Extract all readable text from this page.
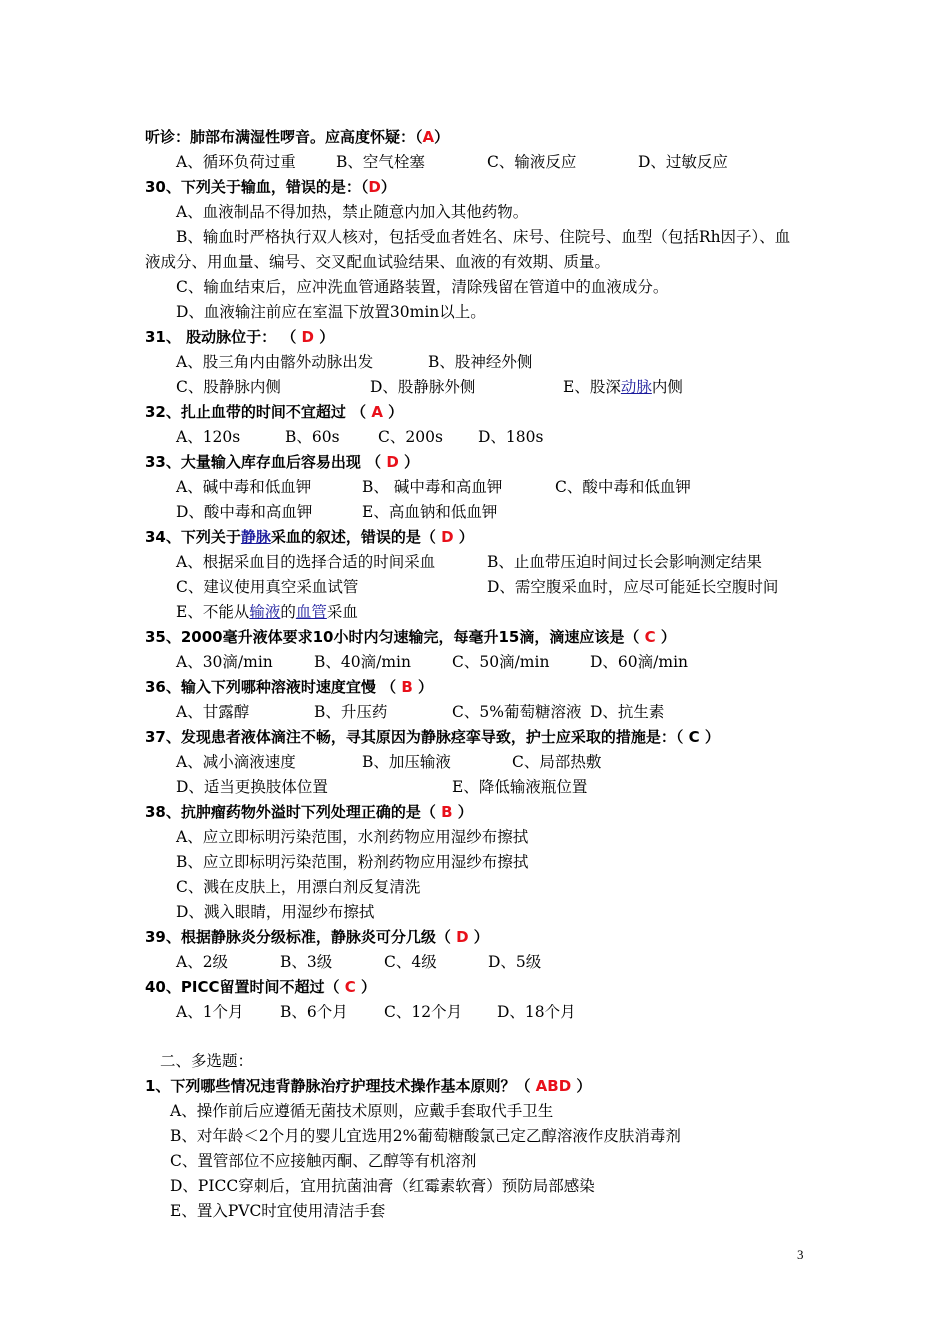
听诊：肺部布满湿性啰音。应高度怀疑：（A）
A、循环负荷过重	B、空气栓塞	C、输液反应	D、过敏反应
30、下列关于输血，错误的是：（D）
A、血液制品不得加热，禁止随意内加入其他药物。
B、输血时严格执行双人核对，包括受血者姓名、床号、住院号、血型（包括Rh因子）、血
液成分、用血量、编号、交叉配血试验结果、血液的有效期、质量。
C、输血结束后，应冲洗血管通路装置，清除残留在管道中的血液成分。
D、血液输注前应在室温下放置30min以上。
31、 股动脉位于： （ D ）
A、股三角内由髂外动脉出发	B、股神经外侧
C、股静脉内侧	D、股静脉外侧	E、股深动脉内侧
32、扎止血带的时间不宜超过 （ A ）
A、120s	B、60s C、200s D、180s
33、大量输入库存血后容易出现 （ D ）
A、碱中毒和低血钾	B、 碱中毒和高血钾	C、酸中毒和低血钾
D、酸中毒和高血钾	E、高血钠和低血钾
34、下列关于静脉采血的叙述，错误的是（ D ）
A、根据采血目的选择合适的时间采血	B、止血带压迫时间过长会影响测定结果
C、建议使用真空采血试管	D、需空腹采血时，应尽可能延长空腹时间
E、不能从输液的血管采血
35、2000毫升液体要求10小时内匀速输完，每毫升15滴，滴速应该是（ C ）
A、30滴/min	B、40滴/min	C、50滴/min	D、60滴/min
36、输入下列哪种溶液时速度宜慢 （ B ）
A、甘露醇	B、升压药	C、5%葡萄糖溶液 D、抗生素
37、发现患者液体滴注不畅，寻其原因为静脉痉挛导致，护士应采取的措施是：（ C ）
A、减小滴液速度	B、加压输液	C、局部热敷
D、适当更换肢体位置	E、降低输液瓶位置
38、抗肿瘤药物外溢时下列处理正确的是（ B ）
A、应立即标明污染范围，水剂药物应用湿纱布擦拭
B、应立即标明污染范围，粉剂药物应用湿纱布擦拭
C、溅在皮肤上，用漂白剂反复清洗
D、溅入眼睛，用湿纱布擦拭
39、根据静脉炎分级标准，静脉炎可分几级（ D ）
A、2级	B、3级	C、4级	D、5级
40、PICC留置时间不超过（ C ）
A、1个月 B、6个月 C、12个月 D、18个月
二、多选题：
1、下列哪些情况违背静脉治疗护理技术操作基本原则？（ ABD ）
A、操作前后应遵循无菌技术原则，应戴手套取代手卫生
B、对年龄＜2个月的婴儿宜选用2%葡萄糖酸氯己定乙醇溶液作皮肤消毒剂
C、置管部位不应接触丙酮、乙醇等有机溶剂
D、PICC穿刺后，宜用抗菌油膏（红霉素软膏）预防局部感染
E、置入PVC时宜使用清洁手套
3
